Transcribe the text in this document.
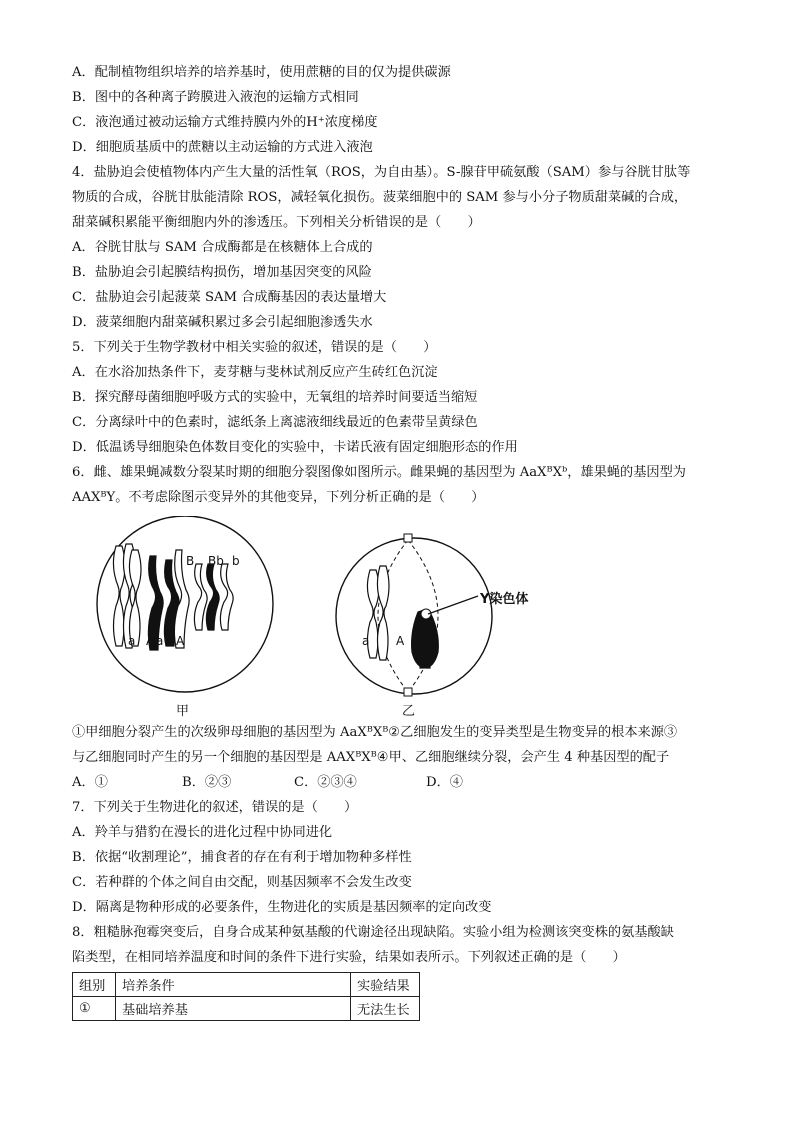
A．配制植物组织培养的培养基时，使用蔗糖的目的仅为提供碳源
B．图中的各种离子跨膜进入液泡的运输方式相同
C．液泡通过被动运输方式维持膜内外的H⁺浓度梯度
D．细胞质基质中的蔗糖以主动运输的方式进入液泡
4．盐胁迫会使植物体内产生大量的活性氧（ROS，为自由基）。S-腺苷甲硫氨酸（SAM）参与谷胱甘肽等
物质的合成，谷胱甘肽能清除 ROS，减轻氧化损伤。菠菜细胞中的 SAM 参与小分子物质甜菜碱的合成，
甜菜碱积累能平衡细胞内外的渗透压。下列相关分析错误的是（　　）
A．谷胱甘肽与 SAM 合成酶都是在核糖体上合成的
B．盐胁迫会引起膜结构损伤，增加基因突变的风险
C．盐胁迫会引起菠菜 SAM 合成酶基因的表达量增大
D．菠菜细胞内甜菜碱积累过多会引起细胞渗透失水
5．下列关于生物学教材中相关实验的叙述，错误的是（　　）
A．在水浴加热条件下，麦芽糖与斐林试剂反应产生砖红色沉淀
B．探究酵母菌细胞呼吸方式的实验中，无氧组的培养时间要适当缩短
C．分离绿叶中的色素时，滤纸条上离滤液细线最近的色素带呈黄绿色
D．低温诱导细胞染色体数目变化的实验中，卡诺氏液有固定细胞形态的作用
6．雌、雄果蝇减数分裂某时期的细胞分裂图像如图所示。雌果蝇的基因型为 AaXᴮXᵇ，雄果蝇的基因型为
AAXᴮY。不考虑除图示变异外的其他变异，下列分析正确的是（　　）
a A a A
B Bb b
a A
Y染色体
甲	乙
①甲细胞分裂产生的次级卵母细胞的基因型为 AaXᴮXᴮ②乙细胞发生的变异类型是生物变异的根本来源③
与乙细胞同时产生的另一个细胞的基因型是 AAXᴮXᴮ④甲、乙细胞继续分裂，会产生 4 种基因型的配子
A．①	B．②③	C．②③④	D．④
7．下列关于生物进化的叙述，错误的是（　　）
A．羚羊与猎豹在漫长的进化过程中协同进化
B．依据“收割理论”，捕食者的存在有利于增加物种多样性
C．若种群的个体之间自由交配，则基因频率不会发生改变
D．隔离是物种形成的必要条件，生物进化的实质是基因频率的定向改变
8．粗糙脉孢霉突变后，自身合成某种氨基酸的代谢途径出现缺陷。实验小组为检测该突变株的氨基酸缺
陷类型，在相同培养温度和时间的条件下进行实验，结果如表所示。下列叙述正确的是（　　）
组别	培养条件	实验结果
①	基础培养基	无法生长
